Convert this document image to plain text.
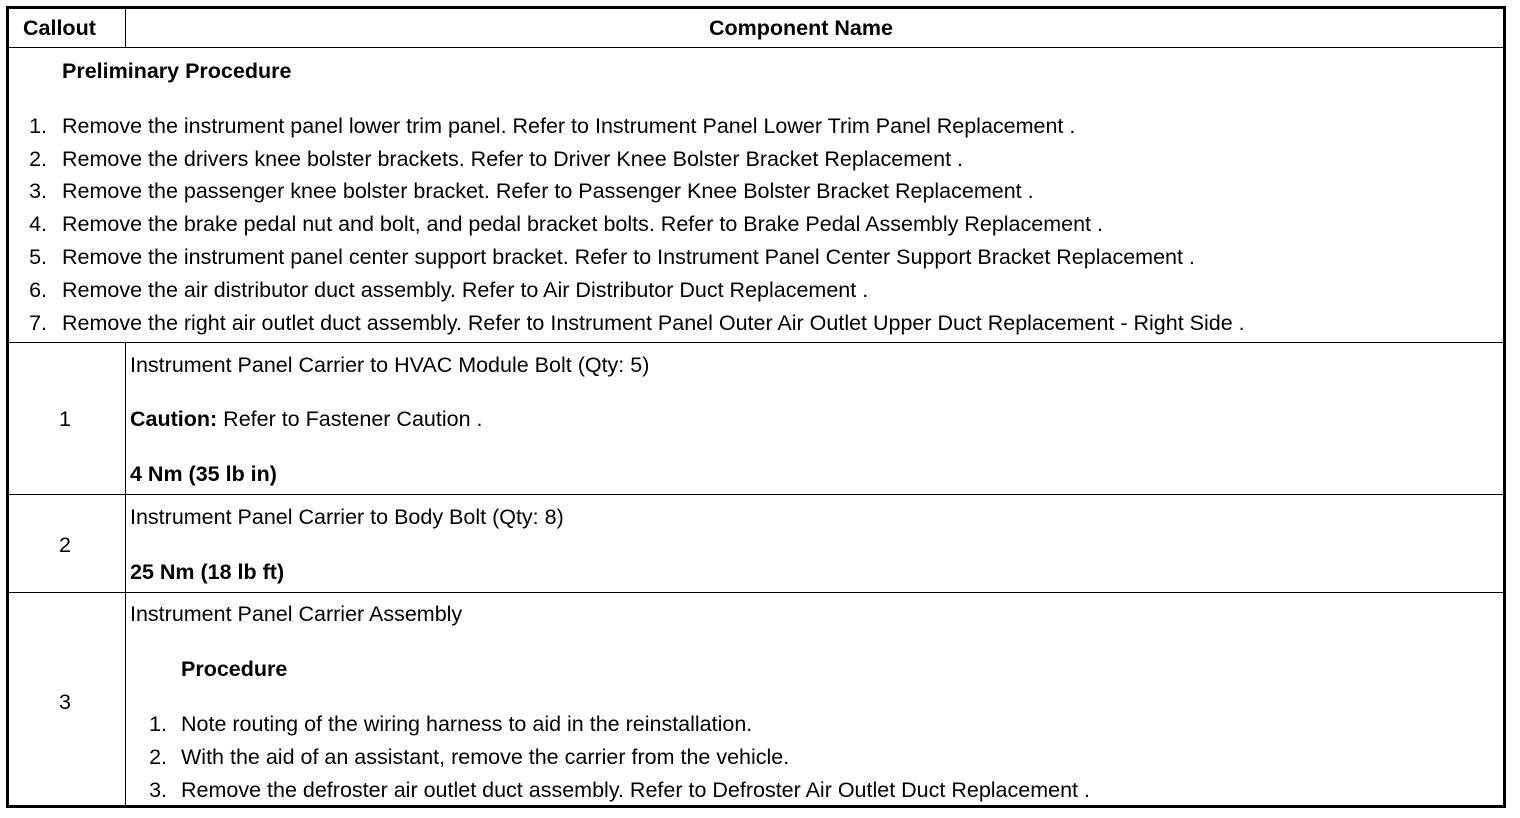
Callout	Component Name
Preliminary Procedure
1. Remove the instrument panel lower trim panel. Refer to Instrument Panel Lower Trim Panel Replacement .
2. Remove the drivers knee bolster brackets. Refer to Driver Knee Bolster Bracket Replacement .
3. Remove the passenger knee bolster bracket. Refer to Passenger Knee Bolster Bracket Replacement .
4. Remove the brake pedal nut and bolt, and pedal bracket bolts. Refer to Brake Pedal Assembly Replacement .
5. Remove the instrument panel center support bracket. Refer to Instrument Panel Center Support Bracket Replacement .
6. Remove the air distributor duct assembly. Refer to Air Distributor Duct Replacement .
7. Remove the right air outlet duct assembly. Refer to Instrument Panel Outer Air Outlet Upper Duct Replacement - Right Side .
1
Instrument Panel Carrier to HVAC Module Bolt (Qty: 5)
Caution: Refer to Fastener Caution .
4 Nm (35 lb in)
2
Instrument Panel Carrier to Body Bolt (Qty: 8)
25 Nm (18 lb ft)
3
Instrument Panel Carrier Assembly
Procedure
1. Note routing of the wiring harness to aid in the reinstallation.
2. With the aid of an assistant, remove the carrier from the vehicle.
3. Remove the defroster air outlet duct assembly. Refer to Defroster Air Outlet Duct Replacement .
